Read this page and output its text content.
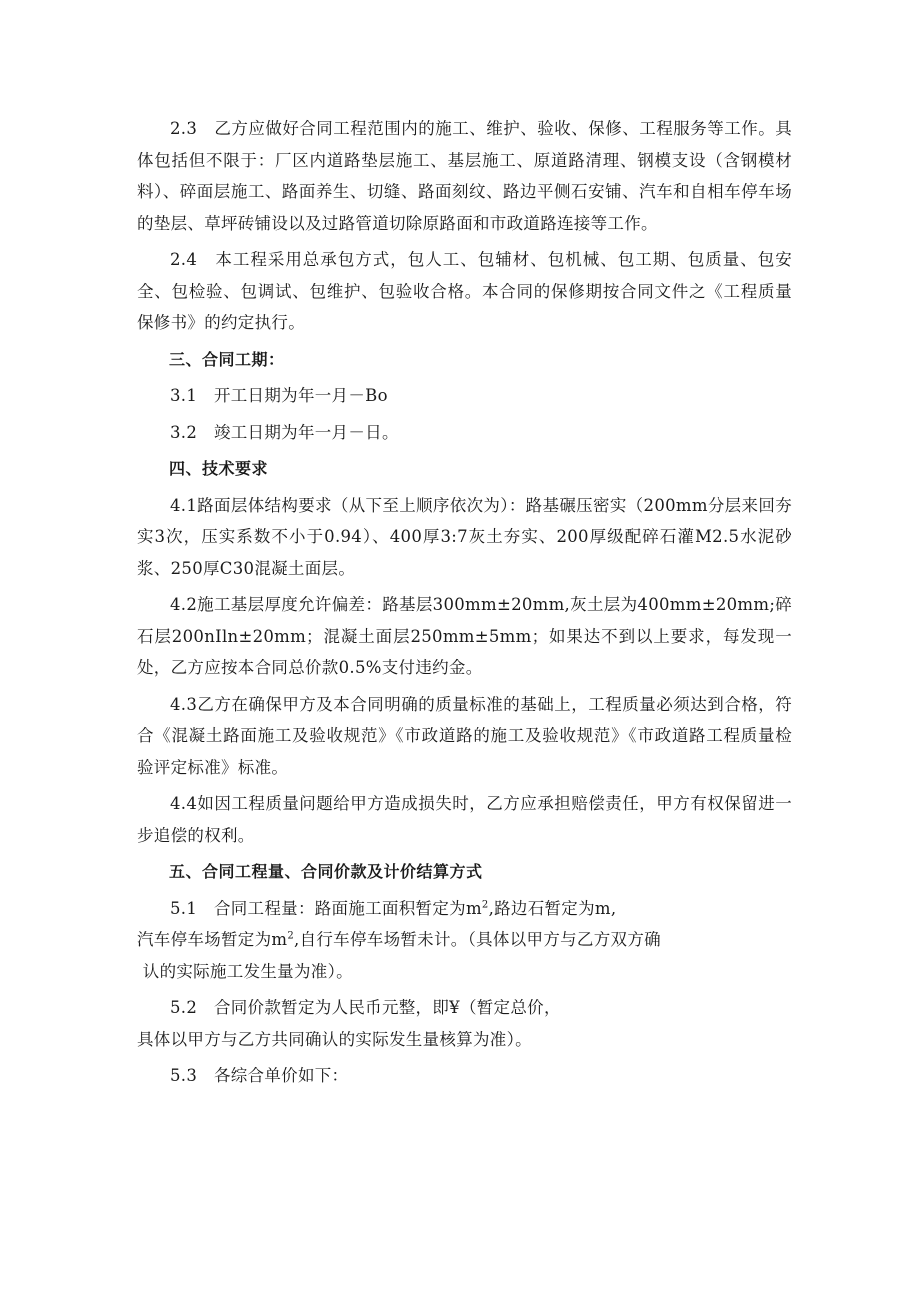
2.3　乙方应做好合同工程范围内的施工、维护、验收、保修、工程服务等工作。具体包括但不限于：厂区内道路垫层施工、基层施工、原道路清理、钢模支设（含钢模材料）、碎面层施工、路面养生、切缝、路面刻纹、路边平侧石安铺、汽车和自相车停车场的垫层、草坪砖铺设以及过路管道切除原路面和市政道路连接等工作。

2.4　本工程采用总承包方式，包人工、包辅材、包机械、包工期、包质量、包安全、包检验、包调试、包维护、包验收合格。本合同的保修期按合同文件之《工程质量保修书》的约定执行。

三、合同工期：

3.1　开工日期为年一月－Bo

3.2　竣工日期为年一月－日。

四、技术要求

4.1路面层体结构要求（从下至上顺序依次为）：路基碾压密实（200mm分层来回夯实3次，压实系数不小于0.94）、400厚3:7灰土夯实、200厚级配碎石灌M2.5水泥砂浆、250厚C30混凝土面层。

4.2施工基层厚度允许偏差：路基层300mm±20mm,灰土层为400mm±20mm;碎石层200nIln±20mm；混凝土面层250mm±5mm；如果达不到以上要求，每发现一处，乙方应按本合同总价款0.5%支付违约金。

4.3乙方在确保甲方及本合同明确的质量标准的基础上，工程质量必须达到合格，符合《混凝土路面施工及验收规范》《市政道路的施工及验收规范》《市政道路工程质量检验评定标准》标准。

4.4如因工程质量问题给甲方造成损失时，乙方应承担赔偿责任，甲方有权保留进一步追偿的权利。

五、合同工程量、合同价款及计价结算方式

5.1　合同工程量：路面施工面积暂定为$m^2$,路边石暂定为m,
汽车停车场暂定为$m^2$,自行车停车场暂未计。（具体以甲方与乙方双方确
认的实际施工发生量为准）。

5.2　合同价款暂定为人民币元整，即¥（暂定总价，
具体以甲方与乙方共同确认的实际发生量核算为准）。

5.3　各综合单价如下：
